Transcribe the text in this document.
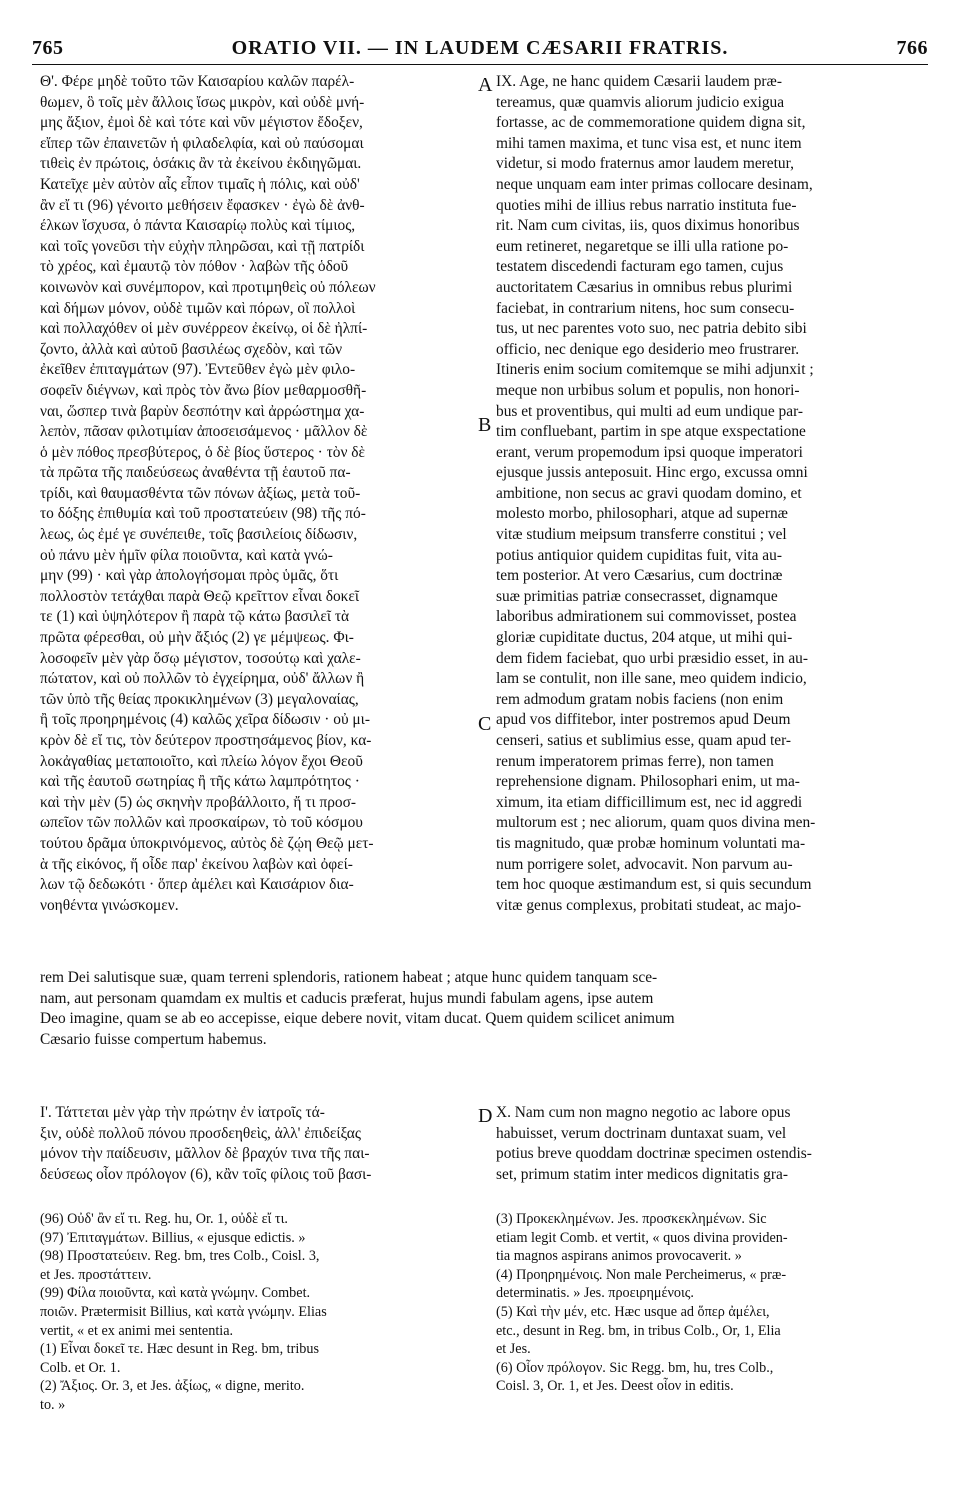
765	ORATIO VII. — IN LAUDEM CÆSARII FRATRIS.	766
A
B
C
D
Θ'. Φέρε μηδὲ τοῦτο τῶν Καισαρίου καλῶν παρέλ-
θωμεν, ὃ τοῖς μὲν ἄλλοις ἴσως μικρὸν, καὶ οὐδὲ μνή-
μης ἄξιον, ἐμοὶ δὲ καὶ τότε καὶ νῦν μέγιστον ἔδοξεν,
εἴπερ τῶν ἐπαινετῶν ἡ φιλαδελφία, καὶ οὐ παύσομαι
τιθεὶς ἐν πρώτοις, ὁσάκις ἂν τὰ ἐκείνου ἐκδιηγῶμαι.
Κατεῖχε μὲν αὐτὸν αἷς εἶπον τιμαῖς ἡ πόλις, καὶ οὐδ'
ἂν εἴ τι (96) γένοιτο μεθήσειν ἔφασκεν · ἐγὼ δὲ ἀνθ-
έλκων ἴσχυσα, ὁ πάντα Καισαρίῳ πολὺς καὶ τίμιος,
καὶ τοῖς γονεῦσι τὴν εὐχὴν πληρῶσαι, καὶ τῇ πατρίδι
τὸ χρέος, καὶ ἐμαυτῷ τὸν πόθον · λαβὼν τῆς ὁδοῦ
κοινωνὸν καὶ συνέμπορον, καὶ προτιμηθεὶς οὐ πόλεων
καὶ δήμων μόνον, οὐδὲ τιμῶν καὶ πόρων, οἳ πολλοὶ
καὶ πολλαχόθεν οἱ μὲν συνέρρεον ἐκείνῳ, οἱ δὲ ἠλπί-
ζοντο, ἀλλὰ καὶ αὐτοῦ βασιλέως σχεδὸν, καὶ τῶν
ἐκεῖθεν ἐπιταγμάτων (97). Ἐντεῦθεν ἐγὼ μὲν φιλο-
σοφεῖν διέγνων, καὶ πρὸς τὸν ἄνω βίον μεθαρμοσθῆ-
ναι, ὥσπερ τινὰ βαρὺν δεσπότην καὶ ἀρρώστημα χα-
λεπὸν, πᾶσαν φιλοτιμίαν ἀποσεισάμενος · μᾶλλον δὲ
ὁ μὲν πόθος πρεσβύτερος, ὁ δὲ βίος ὕστερος · τὸν δὲ
τὰ πρῶτα τῆς παιδεύσεως ἀναθέντα τῇ ἑαυτοῦ πα-
τρίδι, καὶ θαυμασθέντα τῶν πόνων ἀξίως, μετὰ τοῦ-
το δόξης ἐπιθυμία καὶ τοῦ προστατεύειν (98) τῆς πό-
λεως, ὡς ἐμέ γε συνέπειθε, τοῖς βασιλείοις δίδωσιν,
οὐ πάνυ μὲν ἡμῖν φίλα ποιοῦντα, καὶ κατὰ γνώ-
μην (99) · καὶ γὰρ ἀπολογήσομαι πρὸς ὑμᾶς, ὅτι
πολλοστὸν τετάχθαι παρὰ Θεῷ κρεῖττον εἶναι δοκεῖ
τε (1) καὶ ὑψηλότερον ἢ παρὰ τῷ κάτω βασιλεῖ τὰ
πρῶτα φέρεσθαι, οὐ μὴν ἄξιός (2) γε μέμψεως. Φι-
λοσοφεῖν μὲν γὰρ ὅσῳ μέγιστον, τοσούτῳ καὶ χαλε-
πώτατον, καὶ οὐ πολλῶν τὸ ἐγχείρημα, οὐδ' ἄλλων ἢ
τῶν ὑπὸ τῆς θείας προκικλημένων (3) μεγαλοναίας,
ἢ τοῖς προηρημένοις (4) καλῶς χεῖρα δίδωσιν · οὐ μι-
κρὸν δὲ εἴ τις, τὸν δεύτερον προστησάμενος βίον, κα-
λοκἀγαθίας μεταποιοῖτο, καὶ πλείω λόγον ἔχοι Θεοῦ
καὶ τῆς ἑαυτοῦ σωτηρίας ἢ τῆς κάτω λαμπρότητος ·
καὶ τὴν μὲν (5) ὡς σκηνὴν προβάλλοιτο, ἤ τι προσ-
ωπεῖον τῶν πολλῶν καὶ προσκαίρων, τὸ τοῦ κόσμου
τούτου δρᾶμα ὑποκρινόμενος, αὐτὸς δὲ ζῴη Θεῷ μετ-
ὰ τῆς εἰκόνος, ἥ οἶδε παρ' ἐκείνου λαβὼν καὶ ὀφεί-
λων τῷ δεδωκότι · ὅπερ ἀμέλει καὶ Καισάριον δια-
νοηθέντα γινώσκομεν.
IX. Age, ne hanc quidem Cæsarii laudem præ-
tereamus, quæ quamvis aliorum judicio exigua
fortasse, ac de commemoratione quidem digna sit,
mihi tamen maxima, et tunc visa est, et nunc item
videtur, si modo fraternus amor laudem meretur,
neque unquam eam inter primas collocare desinam,
quoties mihi de illius rebus narratio instituta fue-
rit. Nam cum civitas, iis, quos diximus honoribus
eum retineret, negaretque se illi ulla ratione po-
testatem discedendi facturam ego tamen, cujus
auctoritatem Cæsarius in omnibus rebus plurimi
faciebat, in contrarium nitens, hoc sum consecu-
tus, ut nec parentes voto suo, nec patria debito sibi
officio, nec denique ego desiderio meo frustrarer.
Itineris enim socium comitemque se mihi adjunxit ;
meque non urbibus solum et populis, non honori-
bus et proventibus, qui multi ad eum undique par-
tim confluebant, partim in spe atque exspectatione
erant, verum propemodum ipsi quoque imperatori
ejusque jussis anteposuit. Hinc ergo, excussa omni
ambitione, non secus ac gravi quodam domino, et
molesto morbo, philosophari, atque ad supernæ
vitæ studium meipsum transferre constitui ; vel
potius antiquior quidem cupiditas fuit, vita au-
tem posterior. At vero Cæsarius, cum doctrinæ
suæ primitias patriæ consecrasset, dignamque
laboribus admirationem sui commovisset, postea
gloriæ cupiditate ductus, 204 atque, ut mihi qui-
dem fidem faciebat, quo urbi præsidio esset, in au-
lam se contulit, non ille sane, meo quidem indicio,
rem admodum gratam nobis faciens (non enim
apud vos diffitebor, inter postremos apud Deum
censeri, satius et sublimius esse, quam apud ter-
renum imperatorem primas ferre), non tamen
reprehensione dignam. Philosophari enim, ut ma-
ximum, ita etiam difficillimum est, nec id aggredi
multorum est ; nec aliorum, quam quos divina men-
tis magnitudo, quæ probæ hominum voluntati ma-
num porrigere solet, advocavit. Non parvum au-
tem hoc quoque æstimandum est, si quis secundum
vitæ genus complexus, probitati studeat, ac majo-
rem Dei salutisque suæ, quam terreni splendoris, rationem habeat ; atque hunc quidem tanquam sce-
nam, aut personam quamdam ex multis et caducis præferat, hujus mundi fabulam agens, ipse autem
Deo imagine, quam se ab eo accepisse, eique debere novit, vitam ducat. Quem quidem scilicet animum
Cæsario fuisse compertum habemus.
Ι'. Τάττεται μὲν γὰρ τὴν πρώτην ἐν ἰατροῖς τά-
ξιν, οὐδὲ πολλοῦ πόνου προσδεηθεὶς, ἀλλ' ἐπιδείξας
μόνον τὴν παίδευσιν, μᾶλλον δὲ βραχύν τινα τῆς παι-
δεύσεως οἷον πρόλογον (6), κἂν τοῖς φίλοις τοῦ βασι-
X. Nam cum non magno negotio ac labore opus
habuisset, verum doctrinam duntaxat suam, vel
potius breve quoddam doctrinæ specimen ostendis-
set, primum statim inter medicos dignitatis gra-
(96) Οὐδ' ἂν εἴ τι. Reg. hu, Or. 1, οὐδὲ εἴ τι.
(97) Ἐπιταγμάτων. Billius, « ejusque edictis. »
(98) Προστατεύειν. Reg. bm, tres Colb., Coisl. 3,
et Jes. προστάττειν.
(99) Φίλα ποιοῦντα, καὶ κατὰ γνώμην. Combet.
ποιῶν. Prætermisit Billius, καὶ κατὰ γνώμην. Elias
vertit, « et ex animi mei sententia.
(1) Εἶναι δοκεῖ τε. Hæc desunt in Reg. bm, tribus
Colb. et Or. 1.
(2) Ἄξιος. Or. 3, et Jes. ἀξίως, « digne, merito.
to. »
(3) Προκεκλημένων. Jes. προσκεκλημένων. Sic
etiam legit Comb. et vertit, « quos divina providen-
tia magnos aspirans animos provocaverit. »
(4) Προηρημένοις. Non male Percheimerus, « præ-
determinatis. » Jes. προειρημένοις.
(5) Καὶ τὴν μέν, etc. Hæc usque ad ὅπερ ἀμέλει,
etc., desunt in Reg. bm, in tribus Colb., Or, 1, Elia
et Jes.
(6) Οἷον πρόλογον. Sic Regg. bm, hu, tres Colb.,
Coisl. 3, Or. 1, et Jes. Deest οἷον in editis.
